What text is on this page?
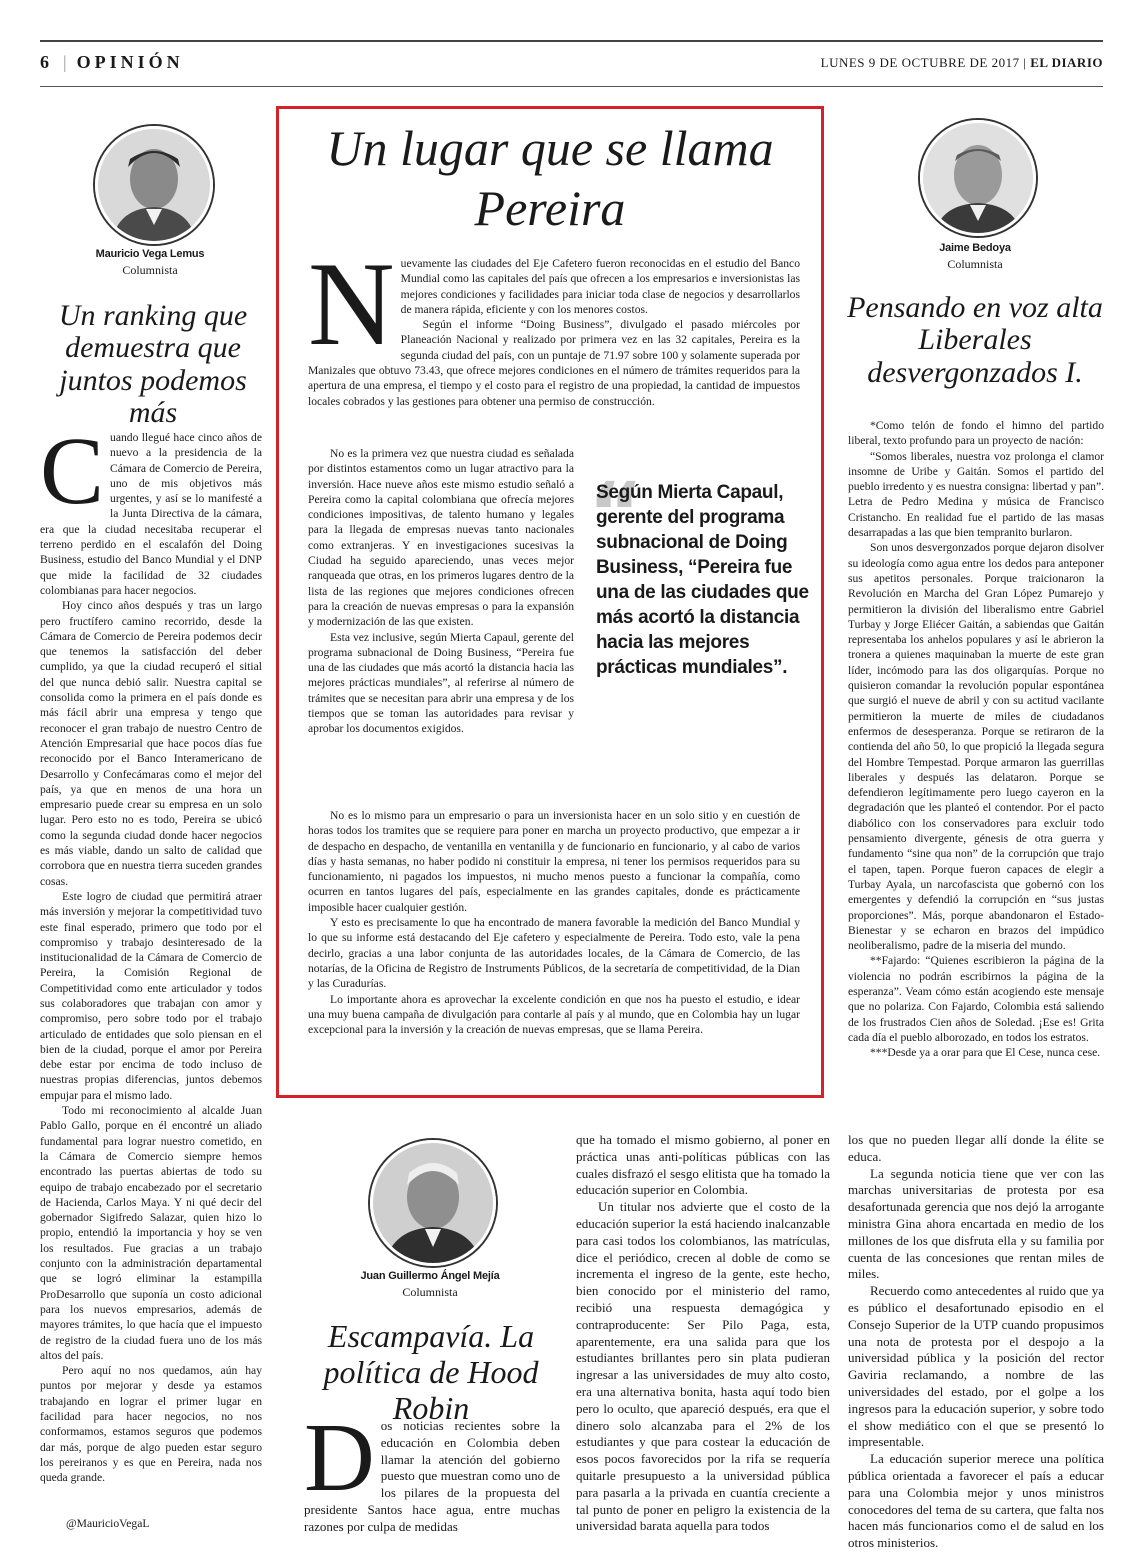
6 | OPINIÓN	LUNES 9 DE OCTUBRE DE 2017 | EL DIARIO
Mauricio Vega Lemus
Columnista
Un ranking que demuestra que juntos podemos más

Cuando llegué hace cinco años de nuevo a la presidencia de la Cámara de Comercio de Pereira, uno de mis objetivos más urgentes, y así se lo manifesté a la Junta Directiva de la cámara, era que la ciudad necesitaba recuperar el terreno perdido en el escalafón del Doing Business, estudio del Banco Mundial y el DNP que mide la facilidad de 32 ciudades colombianas para hacer negocios.

Hoy cinco años después y tras un largo pero fructífero camino recorrido, desde la Cámara de Comercio de Pereira podemos decir que tenemos la satisfacción del deber cumplido, ya que la ciudad recuperó el sitial del que nunca debió salir. Nuestra capital se consolida como la primera en el país donde es más fácil abrir una empresa y tengo que reconocer el gran trabajo de nuestro Centro de Atención Empresarial que hace pocos días fue reconocido por el Banco Interamericano de Desarrollo y Confecámaras como el mejor del país, ya que en menos de una hora un empresario puede crear su empresa en un solo lugar. Pero esto no es todo, Pereira se ubicó como la segunda ciudad donde hacer negocios es más viable, dando un salto de calidad que corrobora que en nuestra tierra suceden grandes cosas.

Este logro de ciudad que permitirá atraer más inversión y mejorar la competitividad tuvo este final esperado, primero que todo por el compromiso y trabajo desinteresado de la institucionalidad de la Cámara de Comercio de Pereira, la Comisión Regional de Competitividad como ente articulador y todos sus colaboradores que trabajan con amor y compromiso, pero sobre todo por el trabajo articulado de entidades que solo piensan en el bien de la ciudad, porque el amor por Pereira debe estar por encima de todo incluso de nuestras propias diferencias, juntos debemos empujar para el mismo lado.

Todo mi reconocimiento al alcalde Juan Pablo Gallo, porque en él encontré un aliado fundamental para lograr nuestro cometido, en la Cámara de Comercio siempre hemos encontrado las puertas abiertas de todo su equipo de trabajo encabezado por el secretario de Hacienda, Carlos Maya. Y ni qué decir del gobernador Sigifredo Salazar, quien hizo lo propio, entendió la importancia y hoy se ven los resultados. Fue gracias a un trabajo conjunto con la administración departamental que se logró eliminar la estampilla ProDesarrollo que suponía un costo adicional para los nuevos empresarios, además de mayores trámites, lo que hacía que el impuesto de registro de la ciudad fuera uno de los más altos del país.

Pero aquí no nos quedamos, aún hay puntos por mejorar y desde ya estamos trabajando en lograr el primer lugar en facilidad para hacer negocios, no nos conformamos, estamos seguros que podemos dar más, porque de algo pueden estar seguro los pereiranos y es que en Pereira, nada nos queda grande.

@MauricioVegaL
Un lugar que se llama Pereira

Nuevamente las ciudades del Eje Cafetero fueron reconocidas en el estudio del Banco Mundial como las capitales del país que ofrecen a los empresarios e inversionistas las mejores condiciones y facilidades para iniciar toda clase de negocios y desarrollarlos de manera rápida, eficiente y con los menores costos.

Según el informe “Doing Business”, divulgado el pasado miércoles por Planeación Nacional y realizado por primera vez en las 32 capitales, Pereira es la segunda ciudad del país, con un puntaje de 71.97 sobre 100 y solamente superada por Manizales que obtuvo 73.43, que ofrece mejores condiciones en el número de trámites requeridos para la apertura de una empresa, el tiempo y el costo para el registro de una propiedad, la cantidad de impuestos locales cobrados y las gestiones para obtener una permiso de construcción.

No es la primera vez que nuestra ciudad es señalada por distintos estamentos como un lugar atractivo para la inversión. Hace nueve años este mismo estudio señaló a Pereira como la capital colombiana que ofrecía mejores condiciones impositivas, de talento humano y legales para la llegada de empresas nuevas tanto nacionales como extranjeras. Y en investigaciones sucesivas la Ciudad ha seguido apareciendo, unas veces mejor ranqueada que otras, en los primeros lugares dentro de la lista de las regiones que mejores condiciones ofrecen para la creación de nuevas empresas o para la expansión y modernización de las que existen.

Esta vez inclusive, según Mierta Capaul, gerente del programa subnacional de Doing Business, “Pereira fue una de las ciudades que más acortó la distancia hacia las mejores prácticas mundiales”, al referirse al número de trámites que se necesitan para abrir una empresa y de los tiempos que se toman las autoridades para revisar y aprobar los documentos exigidos.

“
Según Mierta Capaul, gerente del programa subnacional de Doing Business, “Pereira fue una de las ciudades que más acortó la distancia hacia las mejores prácticas mundiales”.

No es lo mismo para un empresario o para un inversionista hacer en un solo sitio y en cuestión de horas todos los tramites que se requiere para poner en marcha un proyecto productivo, que empezar a ir de despacho en despacho, de ventanilla en ventanilla y de funcionario en funcionario, y al cabo de varios días y hasta semanas, no haber podido ni constituir la empresa, ni tener los permisos requeridos para su funcionamiento, ni pagados los impuestos, ni mucho menos puesto a funcionar la compañía, como ocurren en tantos lugares del país, especialmente en las grandes capitales, donde es prácticamente imposible hacer cualquier gestión.

Y esto es precisamente lo que ha encontrado de manera favorable la medición del Banco Mundial y lo que su informe está destacando del Eje cafetero y especialmente de Pereira. Todo esto, vale la pena decirlo, gracias a una labor conjunta de las autoridades locales, de la Cámara de Comercio, de las notarías, de la Oficina de Registro de Instruments Públicos, de la secretaría de competitividad, de la Dian y las Curadurías.

Lo importante ahora es aprovechar la excelente condición en que nos ha puesto el estudio, e idear una muy buena campaña de divulgación para contarle al país y al mundo, que en Colombia hay un lugar excepcional para la inversión y la creación de nuevas empresas, que se llama Pereira.

Jaime Bedoya
Columnista
Pensando en voz alta Liberales desvergonzados I.

*Como telón de fondo el himno del partido liberal, texto profundo para un proyecto de nación:

“Somos liberales, nuestra voz prolonga el clamor insomne de Uribe y Gaitán. Somos el partido del pueblo irredento y es nuestra consigna: libertad y pan”. Letra de Pedro Medina y música de Francisco Cristancho. En realidad fue el partido de las masas desarrapadas a las que bien tempranito burlaron.

Son unos desvergonzados porque dejaron disolver su ideología como agua entre los dedos para anteponer sus apetitos personales. Porque traicionaron la Revolución en Marcha del Gran López Pumarejo y permitieron la división del liberalismo entre Gabriel Turbay y Jorge Eliécer Gaitán, a sabiendas que Gaitán representaba los anhelos populares y así le abrieron la tronera a quienes maquinaban la muerte de este gran líder, incómodo para las dos oligarquías. Porque no quisieron comandar la revolución popular espontánea que surgió el nueve de abril y con su actitud vacilante permitieron la muerte de miles de ciudadanos enfermos de desesperanza. Porque se retiraron de la contienda del año 50, lo que propició la llegada segura del Hombre Tempestad. Porque armaron las guerrillas liberales y después las delataron. Porque se defendieron legítimamente pero luego cayeron en la degradación que les planteó el contendor. Por el pacto diabólico con los conservadores para excluir todo pensamiento divergente, génesis de otra guerra y fundamento “sine qua non” de la corrupción que trajo el tapen, tapen. Porque fueron capaces de elegir a Turbay Ayala, un narcofascista que gobernó con los emergentes y defendió la corrupción en “sus justas proporciones”. Más, porque abandonaron el Estado-Bienestar y se echaron en brazos del impúdico neoliberalismo, padre de la miseria del mundo.

**Fajardo: “Quienes escribieron la página de la violencia no podrán escribirnos la página de la esperanza”. Veam cómo están acogiendo este mensaje que no polariza. Con Fajardo, Colombia está saliendo de los frustrados Cien años de Soledad. ¡Ese es! Grita cada día el pueblo alborozado, en todos los estratos.

***Desde ya a orar para que El Cese, nunca cese.

Juan Guillermo Ángel Mejía
Columnista
Escampavía. La política de Hood Robin

Dos noticias recientes sobre la educación en Colombia deben llamar la atención del gobierno puesto que muestran como uno de los pilares de la propuesta del presidente Santos hace agua, entre muchas razones por culpa de medidas

que ha tomado el mismo gobierno, al poner en práctica unas anti-políticas públicas con las cuales disfrazó el sesgo elitista que ha tomado la educación superior en Colombia.

Un titular nos advierte que el costo de la educación superior la está haciendo inalcanzable para casi todos los colombianos, las matrículas, dice el periódico, crecen al doble de como se incrementa el ingreso de la gente, este hecho, bien conocido por el ministerio del ramo, recibió una respuesta demagógica y contraproducente: Ser Pilo Paga, esta, aparentemente, era una salida para que los estudiantes brillantes pero sin plata pudieran ingresar a las universidades de muy alto costo, era una alternativa bonita, hasta aquí todo bien pero lo oculto, que apareció después, era que el dinero solo alcanzaba para el 2% de los estudiantes y que para costear la educación de esos pocos favorecidos por la rifa se requería quitarle presupuesto a la universidad pública para pasarla a la privada en cuantía creciente a tal punto de poner en peligro la existencia de la universidad barata aquella para todos

los que no pueden llegar allí donde la élite se educa.

La segunda noticia tiene que ver con las marchas universitarias de protesta por esa desafortunada gerencia que nos dejó la arrogante ministra Gina ahora encartada en medio de los millones de los que disfruta ella y su familia por cuenta de las concesiones que rentan miles de miles.

Recuerdo como antecedentes al ruido que ya es público el desafortunado episodio en el Consejo Superior de la UTP cuando propusimos una nota de protesta por el despojo a la universidad pública y la posición del rector Gaviria reclamando, a nombre de las universidades del estado, por el golpe a los ingresos para la educación superior, y sobre todo el show mediático con el que se presentó lo impresentable.

La educación superior merece una política pública orientada a favorecer el país a educar para una Colombia mejor y unos ministros conocedores del tema de su cartera, que falta nos hacen más funcionarios como el de salud en los otros ministerios.
